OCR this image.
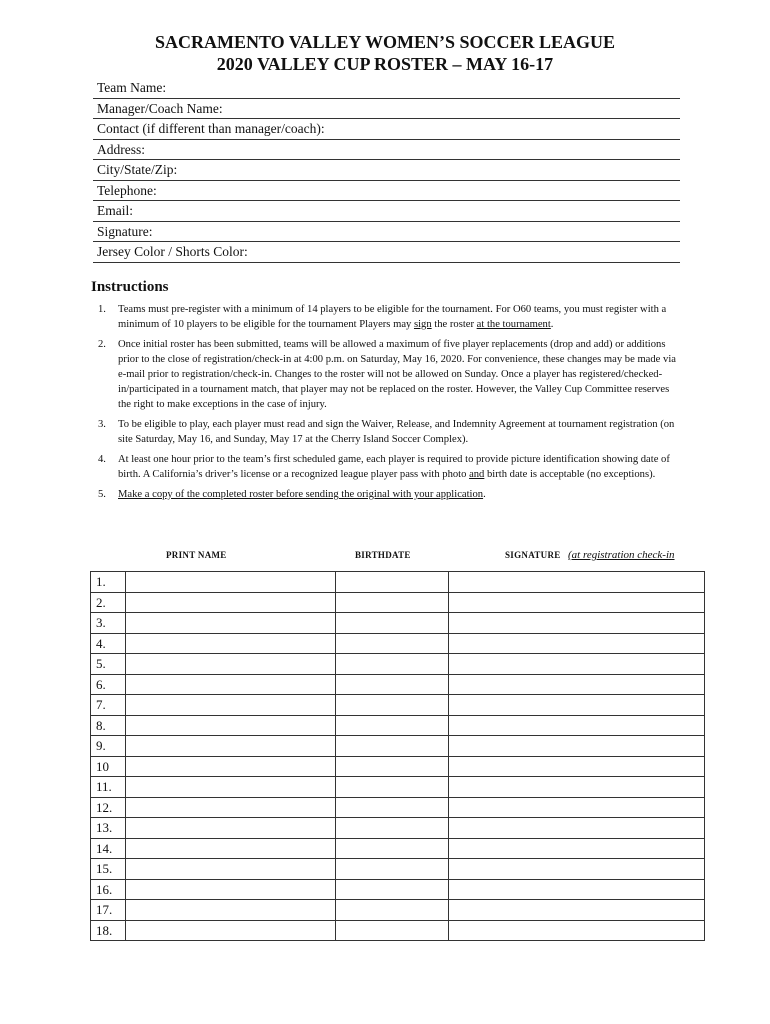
SACRAMENTO VALLEY WOMEN’S SOCCER LEAGUE
2020 VALLEY CUP ROSTER – MAY 16-17
Team Name:
Manager/Coach Name:
Contact (if different than manager/coach):
Address:
City/State/Zip:
Telephone:
Email:
Signature:
Jersey Color / Shorts Color:
Instructions
1.	Teams must pre-register with a minimum of 14 players to be eligible for the tournament. For O60 teams, you must register with a minimum of 10 players to be eligible for the tournament Players may sign the roster at the tournament.
2.	Once initial roster has been submitted, teams will be allowed a maximum of five player replacements (drop and add) or additions prior to the close of registration/check-in at 4:00 p.m. on Saturday, May 16, 2020. For convenience, these changes may be made via e-mail prior to registration/check-in. Changes to the roster will not be allowed on Sunday. Once a player has registered/checked-in/participated in a tournament match, that player may not be replaced on the roster. However, the Valley Cup Committee reserves the right to make exceptions in the case of injury.
3.	To be eligible to play, each player must read and sign the Waiver, Release, and Indemnity Agreement at tournament registration (on site Saturday, May 16, and Sunday, May 17 at the Cherry Island Soccer Complex).
4.	At least one hour prior to the team’s first scheduled game, each player is required to provide picture identification showing date of birth. A California’s driver’s license or a recognized league player pass with photo and birth date is acceptable (no exceptions).
5.	Make a copy of the completed roster before sending the original with your application.
PRINT NAME	BIRTHDATE	SIGNATURE (at registration check-in
1.			
2.			
3.			
4.			
5.			
6.			
7.			
8.			
9.			
10			
11.			
12.			
13.			
14.			
15.			
16.			
17.			
18.			
